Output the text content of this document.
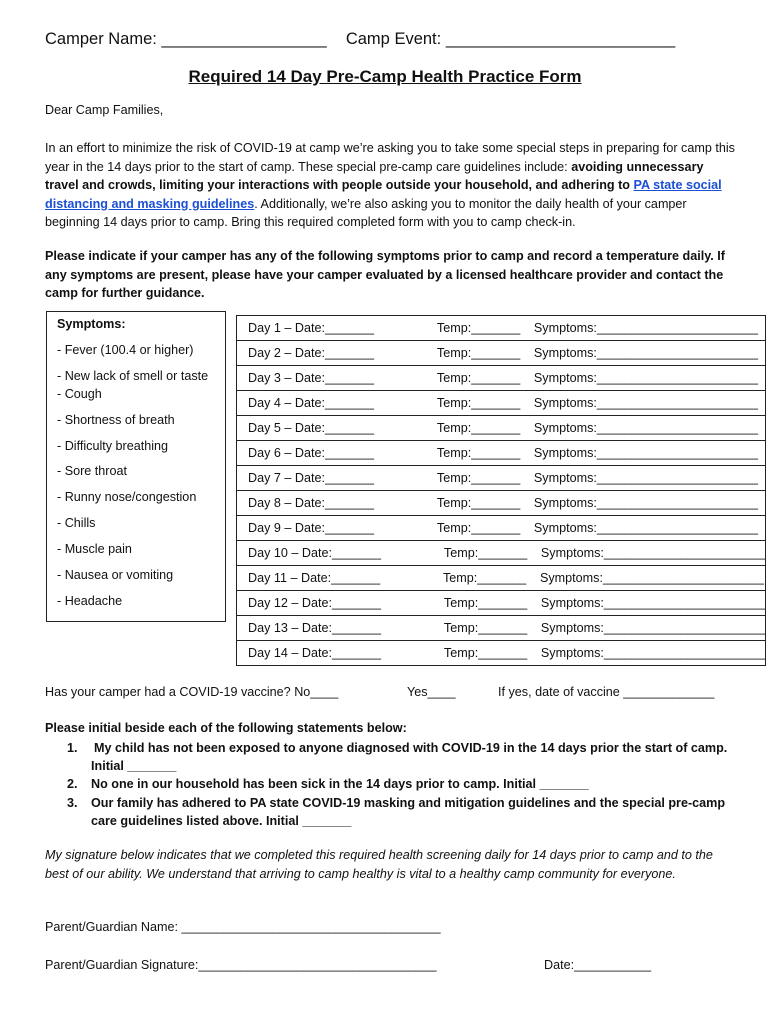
Camper Name: __________________ Camp Event: _________________________
Required 14 Day Pre-Camp Health Practice Form
Dear Camp Families,
In an effort to minimize the risk of COVID-19 at camp we’re asking you to take some special steps in preparing for camp this year in the 14 days prior to the start of camp. These special pre-camp care guidelines include: avoiding unnecessary travel and crowds, limiting your interactions with people outside your household, and adhering to PA state social distancing and masking guidelines. Additionally, we’re also asking you to monitor the daily health of your camper beginning 14 days prior to camp. Bring this required completed form with you to camp check-in.
Please indicate if your camper has any of the following symptoms prior to camp and record a temperature daily. If any symptoms are present, please have your camper evaluated by a licensed healthcare provider and contact the camp for further guidance.
Symptoms:
- Fever (100.4 or higher)
- New lack of smell or taste
- Cough
- Shortness of breath
- Difficulty breathing
- Sore throat
- Runny nose/congestion
- Chills
- Muscle pain
- Nausea or vomiting
- Headache
Day 1 – Date:_______	Temp:_______ Symptoms:_______________________
Day 2 – Date:_______	Temp:_______ Symptoms:_______________________
Day 3 – Date:_______	Temp:_______ Symptoms:_______________________
Day 4 – Date:_______	Temp:_______ Symptoms:_______________________
Day 5 – Date:_______	Temp:_______ Symptoms:_______________________
Day 6 – Date:_______	Temp:_______ Symptoms:_______________________
Day 7 – Date:_______	Temp:_______ Symptoms:_______________________
Day 8 – Date:_______	Temp:_______ Symptoms:_______________________
Day 9 – Date:_______	Temp:_______ Symptoms:_______________________
Day 10 – Date:_______	Temp:_______ Symptoms:_______________________
Day 11 – Date:_______	Temp:_______ Symptoms:_______________________
Day 12 – Date:_______	Temp:_______ Symptoms:_______________________
Day 13 – Date:_______	Temp:_______ Symptoms:_______________________
Day 14 – Date:_______	Temp:_______ Symptoms:_______________________
Has your camper had a COVID-19 vaccine? No____	Yes____	If yes, date of vaccine _____________
Please initial beside each of the following statements below:
1. My child has not been exposed to anyone diagnosed with COVID-19 in the 14 days prior the start of camp. Initial _______
2. No one in our household has been sick in the 14 days prior to camp. Initial _______
3. Our family has adhered to PA state COVID-19 masking and mitigation guidelines and the special pre-camp care guidelines listed above. Initial _______
My signature below indicates that we completed this required health screening daily for 14 days prior to camp and to the best of our ability. We understand that arriving to camp healthy is vital to a healthy camp community for everyone.
Parent/Guardian Name: _____________________________________
Parent/Guardian Signature:__________________________________	Date:___________
